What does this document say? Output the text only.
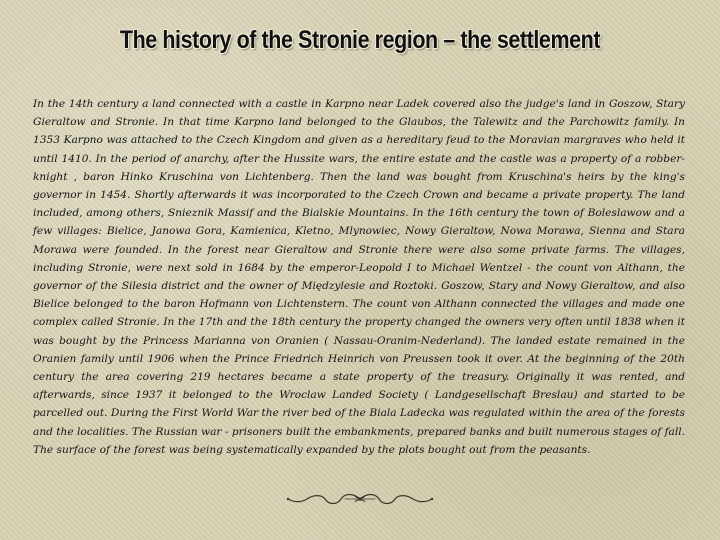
The history of the Stronie region – the settlement

In the 14th century a land connected with a castle in Karpno near Ladek covered also the judge's land in Goszow, Stary Gieraltow and Stronie. In that time Karpno land belonged to the Glaubos, the Talewitz and the Parchowitz family. In 1353 Karpno was attached to the Czech Kingdom and given as a hereditary feud to the Moravian margraves who held it until 1410. In the period of anarchy, after the Hussite wars, the entire estate and the castle was a property of a robber-knight , baron Hinko Kruschina von Lichtenberg. Then the land was bought from Kruschina's heirs by the king's governor in 1454. Shortly afterwards it was incorporated to the Czech Crown and became a private property. The land included, among others, Snieznik Massif and the Bialskie Mountains. In the 16th century the town of Boleslawow and a few villages: Bielice, Janowa Gora, Kamienica, Kletno, Mlynowiec, Nowy Gieraltow, Nowa Morawa, Sienna and Stara Morawa were founded. In the forest near Gieraltow and Stronie there were also some private farms. The villages, including Stronie, were next sold in 1684 by the emperor-Leopold I to Michael Wentzel - the count von Althann, the governor of the Silesia district and the owner of Międzylesie and Roztoki. Goszow, Stary and Nowy Gieraltow, and also Bielice belonged to the baron Hofmann von Lichtenstern. The count von Althann connected the villages and made one complex called Stronie. In the 17th and the 18th century the property changed the owners very often until 1838 when it was bought by the Princess Marianna von Oranien ( Nassau-Oranim-Nederland). The landed estate remained in the Oranien family until 1906 when the Prince Friedrich Heinrich von Preussen took it over. At the beginning of the 20th century the area covering 219 hectares became a state property of the treasury. Originally it was rented, and afterwards, since 1937 it belonged to the Wroclaw Landed Society ( Landgesellschaft Breslau) and started to be parcelled out. During the First World War the river bed of the Biala Ladecka was regulated within the area of the forests and the localities. The Russian war - prisoners built the embankments, prepared banks and built numerous stages of fall. The surface of the forest was being systematically expanded by the plots bought out from the peasants.
